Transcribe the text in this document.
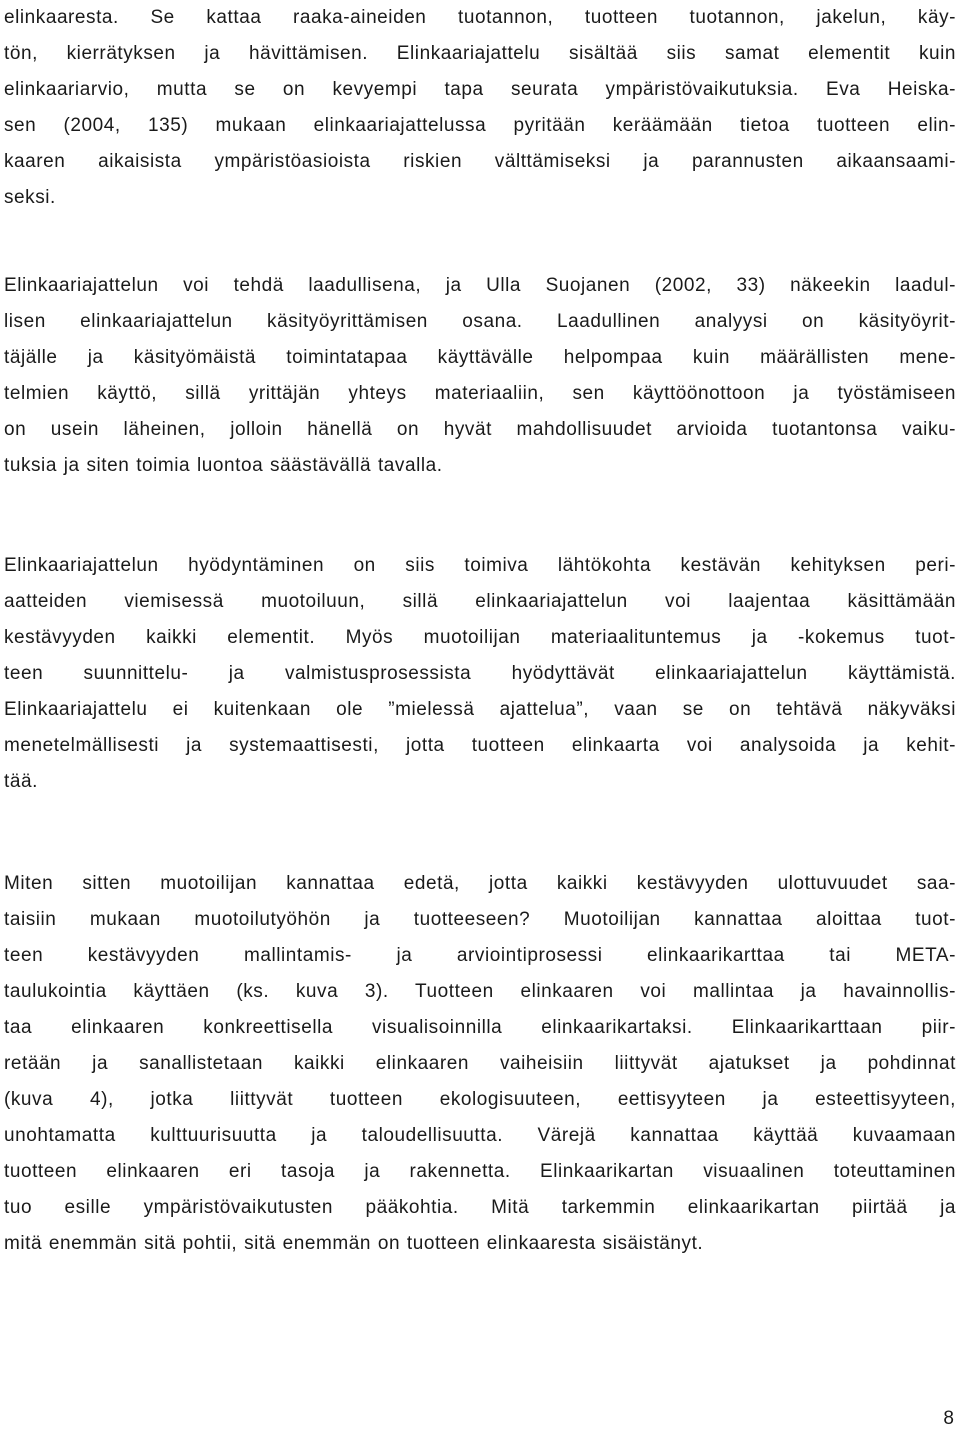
elinkaaresta. Se kattaa raaka-aineiden tuotannon, tuotteen tuotannon, jakelun, käy-
tön, kierrätyksen ja hävittämisen. Elinkaariajattelu sisältää siis samat elementit kuin
elinkaariarvio, mutta se on kevyempi tapa seurata ympäristövaikutuksia. Eva Heiska-
sen (2004, 135) mukaan elinkaariajattelussa pyritään keräämään tietoa tuotteen elin-
kaaren aikaisista ympäristöasioista riskien välttämiseksi ja parannusten aikaansaami-
seksi.
Elinkaariajattelun voi tehdä laadullisena, ja Ulla Suojanen (2002, 33) näkeekin laadul-
lisen elinkaariajattelun käsityöyrittämisen osana. Laadullinen analyysi on käsityöyrit-
täjälle ja käsityömäistä toimintatapaa käyttävälle helpompaa kuin määrällisten mene-
telmien käyttö, sillä yrittäjän yhteys materiaaliin, sen käyttöönottoon ja työstämiseen
on usein läheinen, jolloin hänellä on hyvät mahdollisuudet arvioida tuotantonsa vaiku-
tuksia ja siten toimia luontoa säästävällä tavalla.
Elinkaariajattelun hyödyntäminen on siis toimiva lähtökohta kestävän kehityksen peri-
aatteiden viemisessä muotoiluun, sillä elinkaariajattelun voi laajentaa käsittämään
kestävyyden kaikki elementit. Myös muotoilijan materiaalituntemus ja -kokemus tuot-
teen suunnittelu- ja valmistusprosessista hyödyttävät elinkaariajattelun käyttämistä.
Elinkaariajattelu ei kuitenkaan ole ”mielessä ajattelua”, vaan se on tehtävä näkyväksi
menetelmällisesti ja systemaattisesti, jotta tuotteen elinkaarta voi analysoida ja kehit-
tää.
Miten sitten muotoilijan kannattaa edetä, jotta kaikki kestävyyden ulottuvuudet saa-
taisiin mukaan muotoilutyöhön ja tuotteeseen? Muotoilijan kannattaa aloittaa tuot-
teen kestävyyden mallintamis- ja arviointiprosessi elinkaarikarttaa tai META-
taulukointia käyttäen (ks. kuva 3). Tuotteen elinkaaren voi mallintaa ja havainnollis-
taa elinkaaren konkreettisella visualisoinnilla elinkaarikartaksi. Elinkaarikarttaan piir-
retään ja sanallistetaan kaikki elinkaaren vaiheisiin liittyvät ajatukset ja pohdinnat
(kuva 4), jotka liittyvät tuotteen ekologisuuteen, eettisyyteen ja esteettisyyteen,
unohtamatta kulttuurisuutta ja taloudellisuutta. Värejä kannattaa käyttää kuvaamaan
tuotteen elinkaaren eri tasoja ja rakennetta. Elinkaarikartan visuaalinen toteuttaminen
tuo esille ympäristövaikutusten pääkohtia. Mitä tarkemmin elinkaarikartan piirtää ja
mitä enemmän sitä pohtii, sitä enemmän on tuotteen elinkaaresta sisäistänyt.
8
